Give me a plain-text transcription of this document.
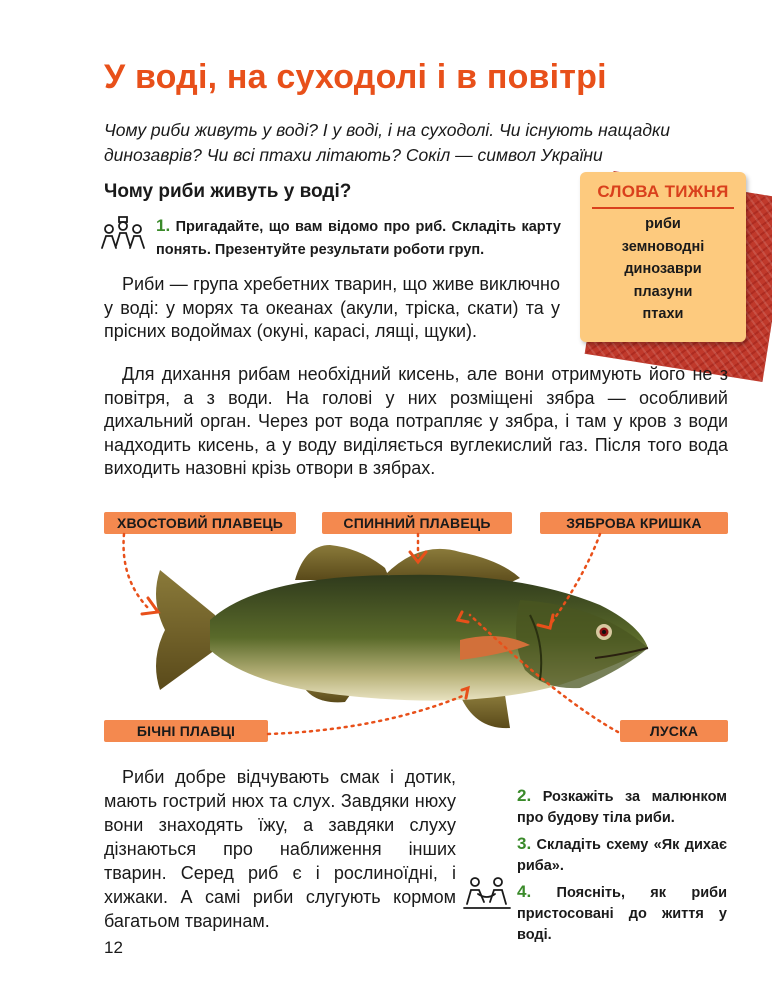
У воді, на суходолі і в повітрі

Чому риби живуть у воді? І у воді, і на суходолі. Чи існують нащадки динозаврів? Чи всі птахи літають? Сокіл — символ України

Чому риби живуть у воді?

1. Пригадайте, що вам відомо про риб. Складіть карту понять. Презентуйте результати роботи груп.

СЛОВА ТИЖНЯ
риби
земноводні
динозаври
плазуни
птахи

Риби — група хребетних тварин, що живе виключно у воді: у морях та океанах (акули, тріска, скати) та у прісних водоймах (окуні, карасі, лящі, щуки).

Для дихання рибам необхідний кисень, але вони отримують його не з повітря, а з води. На голові у них розміщені зябра — особливий дихальний орган. Через рот вода потрапляє у зябра, і там у кров з води надходить кисень, а у воду виділяється вуглекислий газ. Після того вода виходить назовні крізь отвори в зябрах.

ХВОСТОВИЙ ПЛАВЕЦЬ	СПИННИЙ ПЛАВЕЦЬ	ЗЯБРОВА КРИШКА
БІЧНІ ПЛАВЦІ	ЛУСКА

Риби добре відчувають смак і дотик, мають гострий нюх та слух. Завдяки нюху вони знаходять їжу, а завдяки слуху дізнаються про наближення інших тварин. Серед риб є і рослиноїдні, і хижаки. А самі риби слугують кормом багатьом тваринам.

2. Розкажіть за малюнком про будову тіла риби.

3. Складіть схему «Як дихає риба».

4. Поясніть, як риби пристосовані до життя у воді.

12
